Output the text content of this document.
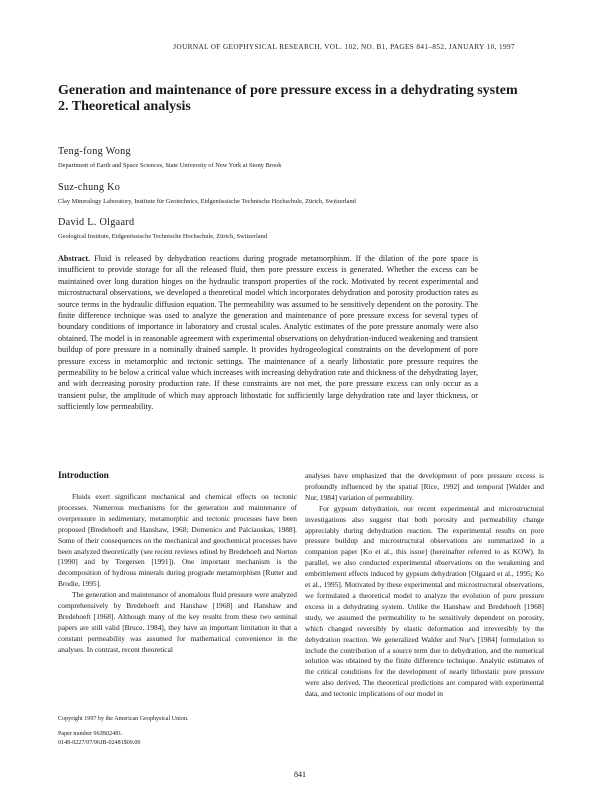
JOURNAL OF GEOPHYSICAL RESEARCH, VOL. 102, NO. B1, PAGES 841–852, JANUARY 10, 1997
Generation and maintenance of pore pressure excess in a dehydrating system
2. Theoretical analysis
Teng-fong Wong
Department of Earth and Space Sciences, State University of New York at Stony Brook
Suz-chung Ko
Clay Mineralogy Laboratory, Institute für Geotechnics, Eidgenössische Technische Hochschule, Zürich, Switzerland
David L. Olgaard
Geological Institute, Eidgenössische Technische Hochschule, Zürich, Switzerland
Abstract. Fluid is released by dehydration reactions during prograde metamorphism. If the dilation of the pore space is insufficient to provide storage for all the released fluid, then pore pressure excess is generated. Whether the excess can be maintained over long duration hinges on the hydraulic transport properties of the rock. Motivated by recent experimental and microstructural observations, we developed a theoretical model which incorporates dehydration and porosity production rates as source terms in the hydraulic diffusion equation. The permeability was assumed to be sensitively dependent on the porosity. The finite difference technique was used to analyze the generation and maintenance of pore pressure excess for several types of boundary conditions of importance in laboratory and crustal scales. Analytic estimates of the pore pressure anomaly were also obtained. The model is in reasonable agreement with experimental observations on dehydration-induced weakening and transient buildup of pore pressure in a nominally drained sample. It provides hydrogeological constraints on the development of pore pressure excess in metamorphic and tectonic settings. The maintenance of a nearly lithostatic pore pressure requires the permeability to be below a critical value which increases with increasing dehydration rate and thickness of the dehydrating layer, and with decreasing porosity production rate. If these constraints are not met, the pore pressure excess can only occur as a transient pulse, the amplitude of which may approach lithostatic for sufficiently large dehydration rate and layer thickness, or sufficiently low permeability.
Introduction

Fluids exert significant mechanical and chemical effects on tectonic processes. Numerous mechanisms for the generation and maintenance of overpressure in sedimentary, metamorphic and tectonic processes have been proposed [Bredehoeft and Hanshaw, 1968; Domenico and Palciauskas, 1988]. Some of their consequences on the mechanical and geochemical processes have been analyzed theoretically (see recent reviews edited by Bredehoeft and Norton [1990] and by Torgersen [1991]). One important mechanism is the decomposition of hydrous minerals during prograde metamorphism [Rutter and Brodie, 1995].

The generation and maintenance of anomalous fluid pressure were analyzed comprehensively by Bredehoeft and Hanshaw [1968] and Hanshaw and Bredehoeft [1968]. Although many of the key results from these two seminal papers are still valid [Bruce, 1984], they have an important limitation in that a constant permeability was assumed for mathematical convenience in the analyses. In contrast, recent theoretical

analyses have emphasized that the development of pore pressure excess is profoundly influenced by the spatial [Rice, 1992] and temporal [Walder and Nur, 1984] variation of permeability.

For gypsum dehydration, our recent experimental and microstructural investigations also suggest that both porosity and permeability change appreciably during dehydration reaction. The experimental results on pore pressure buildup and microstructural observations are summarized in a companion paper [Ko et al., this issue] (hereinafter referred to as KOW). In parallel, we also conducted experimental observations on the weakening and embrittlement effects induced by gypsum dehydration [Olgaard et al., 1995; Ko et al., 1995]. Motivated by these experimental and microstructural observations, we formulated a theoretical model to analyze the evolution of pore pressure excess in a dehydrating system. Unlike the Hanshaw and Bredehoeft [1968] study, we assumed the permeability to be sensitively dependent on porosity, which changed reversibly by elastic deformation and irreversibly by the dehydration reaction. We generalized Walder and Nur's [1984] formulation to include the contribution of a source term due to dehydration, and the numerical solution was obtained by the finite difference technique. Analytic estimates of the critical conditions for the development of nearly lithostatic pore pressure were also derived. The theoretical predictions are compared with experimental data, and tectonic implications of our model in

Copyright 1997 by the American Geophysical Union.
Paper number 96JB02481.
0148-0227/97/96JB-02481$09.00
841
